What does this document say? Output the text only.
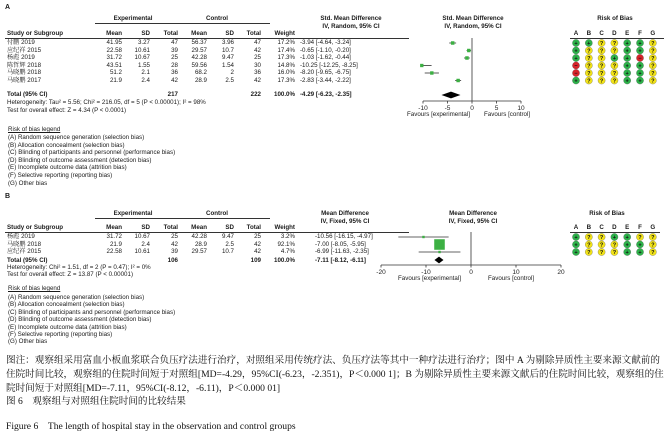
A
Experimental	Control	Std. Mean Difference
IV, Random, 95% CI
Std. Mean Difference
IV, Random, 95% CI
Risk of Bias
Study or Subgroup	Mean	SD	Total	Mean	SD	Total	Weight	A B C D	E	F	G
付鹏 2019	41.95	3.27	47	56.37	3.96	47	17.2% -3.94 [-4.64, -3.24]
应纪祥 2015	22.58	10.61	39	29.57	10.7	42	17.4% -0.65 [-1.10, -0.20]
杨彪 2019	31.72	10.67	25	42.28	9.47	25	17.3% -1.03 [-1.62, -0.44]
陈哲辉 2018	43.51	1.55	28	59.56	1.54	30	14.8% -10.25 [-12.25, -8.25]
马晓鹏 2018	51.2	2.1	36	68.2	2	36	16.0% -8.20 [-9.65, -6.75]
马晓鹏 2017	21.9	2.4	42	28.9	2.5	42	17.3% -2.83 [-3.44, -2.22]
Total (95% CI)	217	222	100.0% -4.29 [-6.23, -2.35]
Heterogeneity: Tau² = 5.56; Chi² = 216.05, df = 5 (P < 0.00001); I² = 98%
Test for overall effect: Z = 4.34 (P < 0.0001)	-10	-5	0	5	10
+ + ? ? + + ?
+ ? ? ? + + ?
+ ? ? + + − ?
− ? ? ? + + ?
− ? ? ? + + ?
+ ? ? ? + + ?
-20	-10	0	10	20
+ ? ? + + ? ?
+ ? ? ? + + ?
+ ? ? ? + + ?
Favours [experimental] Favours [control]
Risk of bias legend
(A) Random sequence generation (selection bias)
(B) Allocation concealment (selection bias)
(C) Blinding of participants and personnel (performance bias)
(D) Blinding of outcome assessment (detection bias)
(E) Incomplete outcome data (attrition bias)
(F) Selective reporting (reporting bias)
(G) Other bias
B
Experimental	Control	Mean Difference
IV, Fixed, 95% CI
Mean Difference
IV, Fixed, 95% CI
Risk of Bias
Study or Subgroup	Mean	SD	Total	Mean	SD	Total	Weight	A B C D	E	F	G
杨彪 2019	31.72	10.67	25	42.28	9.47	25	3.2%	-10.56 [-16.15, -4.97]
马晓鹏 2018	21.9	2.4	42	28.9	2.5	42	92.1%	-7.00 [-8.05, -5.95]
应纪祥 2015	22.58	10.61	39	29.57	10.7	42	4.7%	-6.99 [-11.63, -2.35]
Total (95% CI)	106	109	100.0%	-7.11 [-8.12, -6.11]
Heterogeneity: Chi² = 1.51, df = 2 (P = 0.47); I² = 0%
Test for overall effect: Z = 13.87 (P < 0.00001)
Favours [experimental]	Favours [control]
Risk of bias legend
(A) Random sequence generation (selection bias)
(B) Allocation concealment (selection bias)
(C) Blinding of participants and personnel (performance bias)
(D) Blinding of outcome assessment (detection bias)
(E) Incomplete outcome data (attrition bias)
(F) Selective reporting (reporting bias)
(G) Other bias
图注：观察组采用富血小板血浆联合负压疗法进行治疗，对照组采用传统疗法、负压疗法等其中一种疗法进行治疗；图中 A 为剔除异质性主要来源文献前的住院时间比较，观察组的住院时间短于对照组[MD=-4.29，95%CI(-6.23，-2.351)，P＜0.000 1]；B 为剔除异质性主要来源文献后的住院时间比较，观察组的住院时间短于对照组[MD=-7.11，95%CI(-8.12，-6.11)，P＜0.000 01]
图 6　观察组与对照组住院时间的比较结果
Figure 6　The length of hospital stay in the observation and control groups
